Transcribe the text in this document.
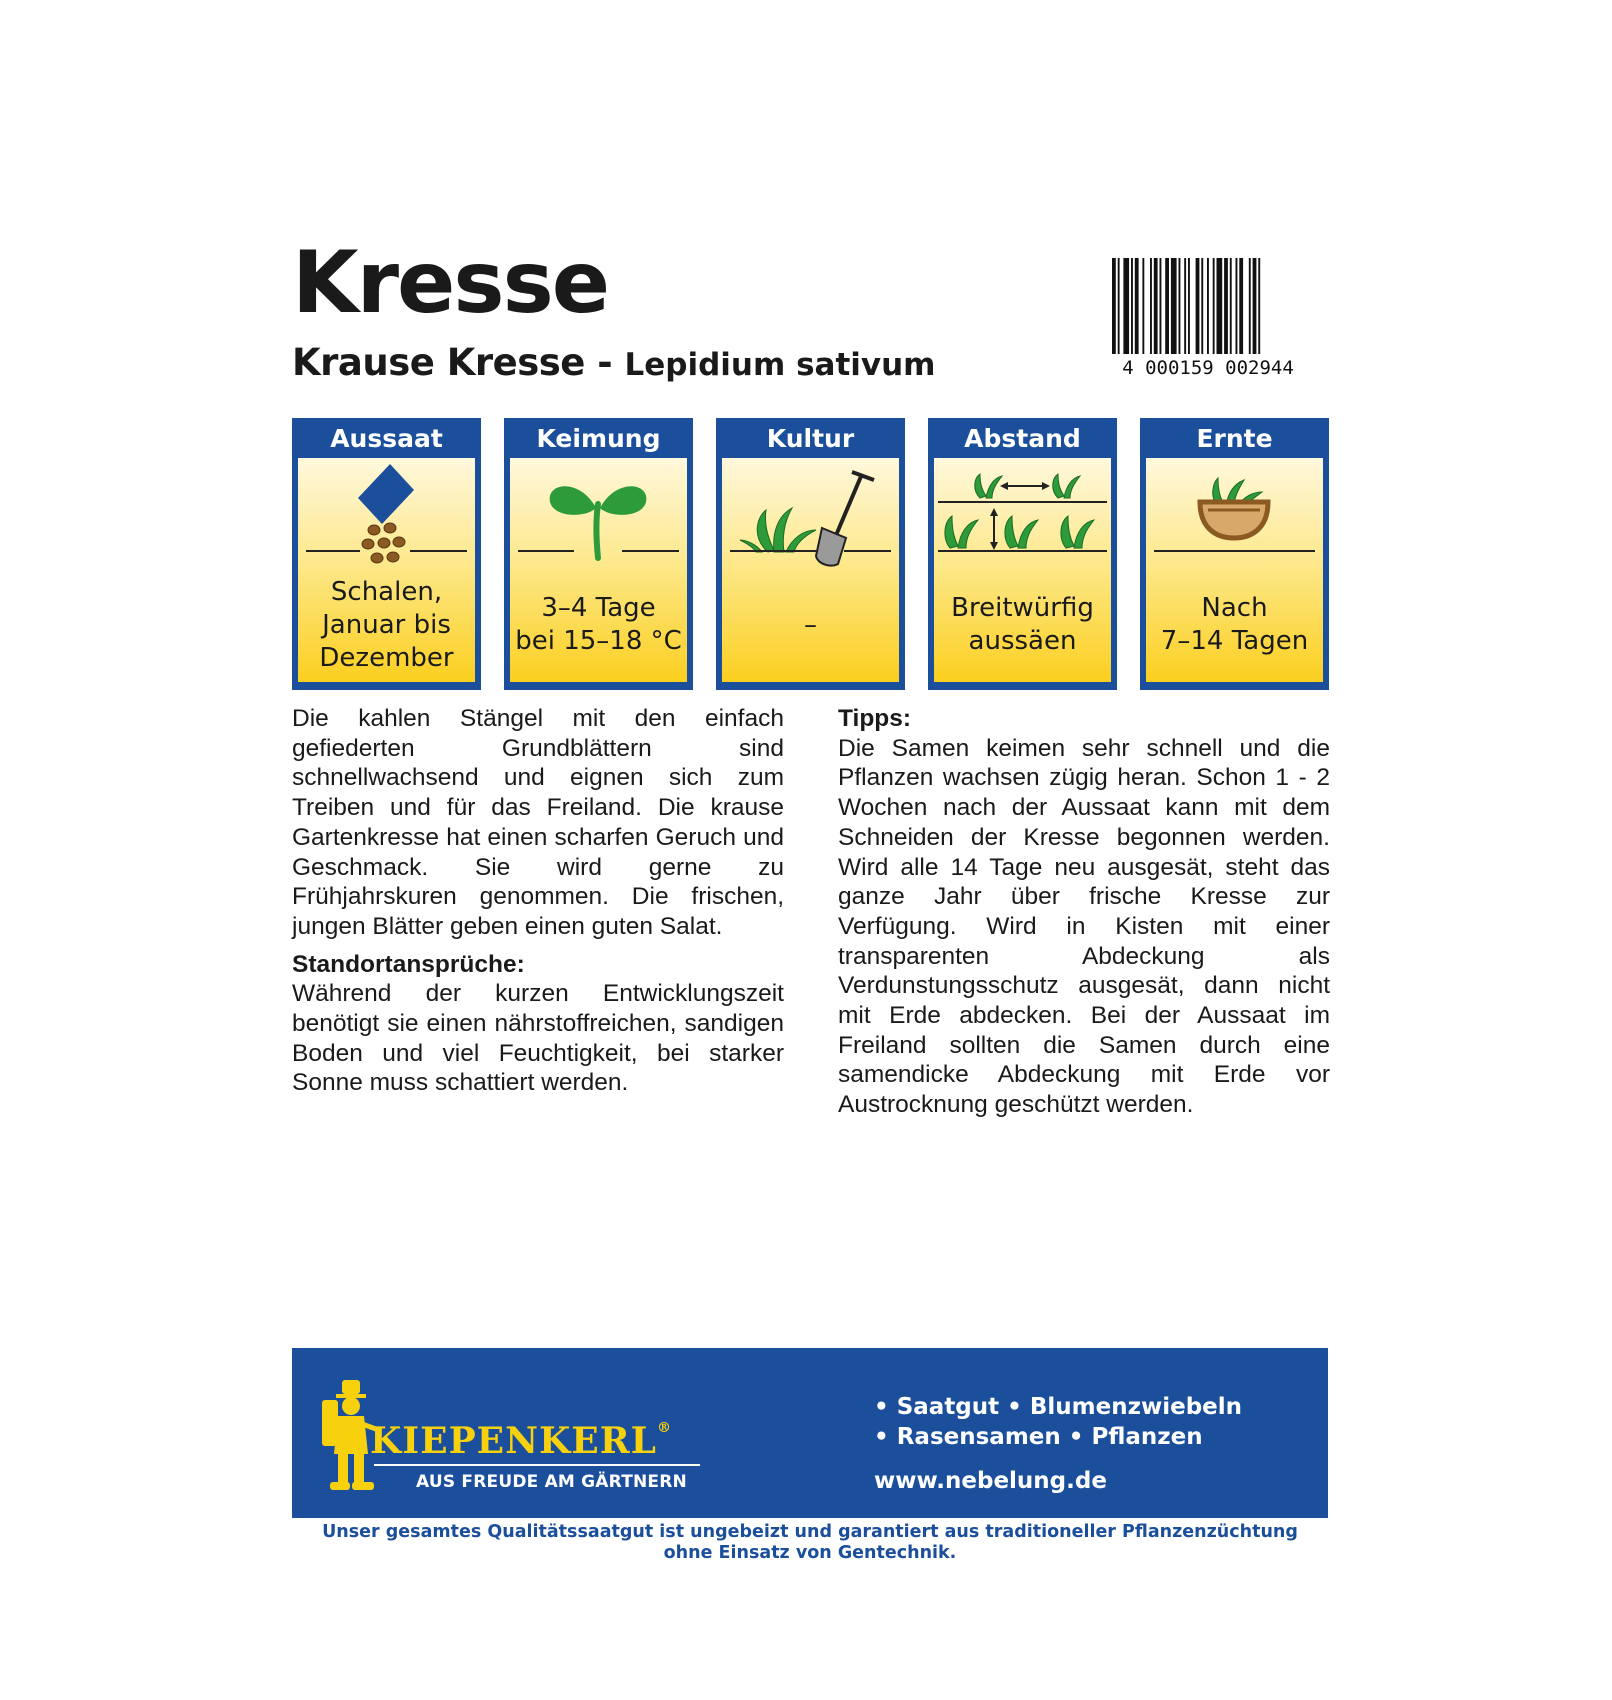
Kresse
Krause Kresse - Lepidium sativum	4 000159 002944
Aussaat
Schalen,
Januar bis
Dezember
Keimung
3–4 Tage
bei 15–18 °C
Kultur
–
Abstand
Breitwürfig
aussäen
Ernte
Nach
7–14 Tagen

Die kahlen Stängel mit den einfach gefiederten Grundblättern sind schnellwachsend und eignen sich zum Treiben und für das Freiland. Die krause Gartenkresse hat einen scharfen Geruch und Geschmack. Sie wird gerne zu Frühjahrskuren genommen. Die frischen, jungen Blätter geben einen guten Salat.

Standortansprüche:

Während der kurzen Entwicklungszeit benötigt sie einen nährstoffreichen, sandigen Boden und viel Feuchtigkeit, bei starker Sonne muss schattiert werden.

Tipps:

Die Samen keimen sehr schnell und die Pflanzen wachsen zügig heran. Schon 1 - 2 Wochen nach der Aussaat kann mit dem Schneiden der Kresse begonnen werden. Wird alle 14 Tage neu ausgesät, steht das ganze Jahr über frische Kresse zur Verfügung. Wird in Kisten mit einer transparenten Abdeckung als Verdunstungsschutz ausgesät, dann nicht mit Erde abdecken. Bei der Aussaat im Freiland sollten die Samen durch eine samendicke Abdeckung mit Erde vor Austrocknung geschützt werden.

KIEPENKERL®
AUS FREUDE AM GÄRTNERN
• Saatgut • Blumenzwiebeln
• Rasensamen • Pflanzen
www.nebelung.de
Unser gesamtes Qualitätssaatgut ist ungebeizt und garantiert aus traditioneller Pflanzenzüchtung
ohne Einsatz von Gentechnik.
